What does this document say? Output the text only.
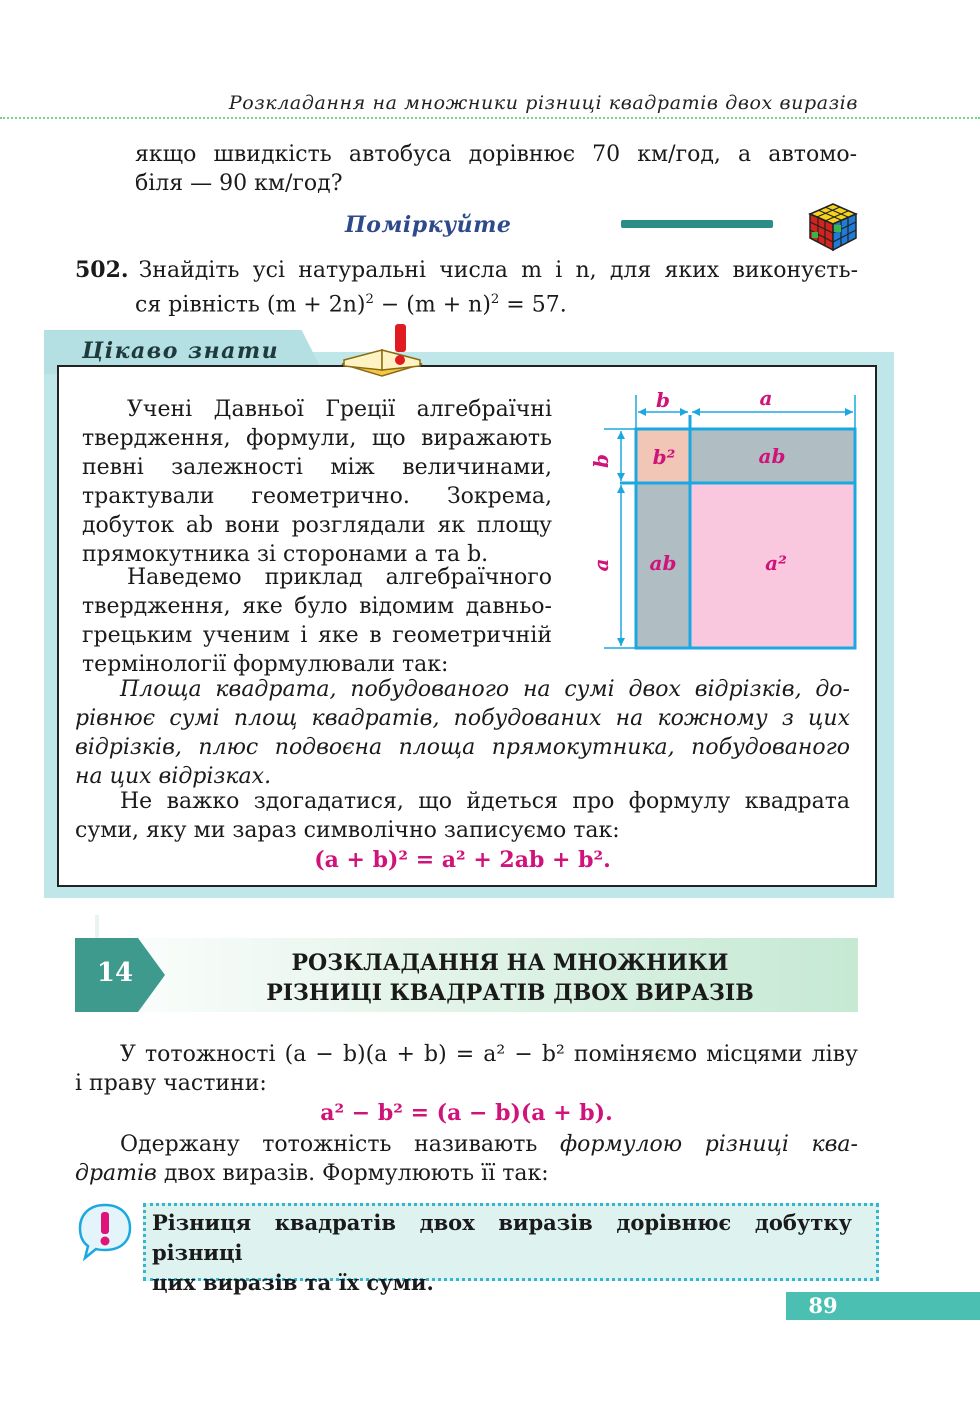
Розкладання на множники різниці квадратів двох виразів
якщо швидкість автобуса дорівнює 70 км/год, а автомо-
біля — 90 км/год?
Поміркуйте
502. Знайдіть усі натуральні числа m і n, для яких виконуєть-
ся рівність $(m + 2n)^2 - (m + n)^2 = 57$.
Цікаво знати
Учені Давньої Греції алгебраїчні
твердження, формули, що виражають
певні залежності між величинами,
трактували геометрично. Зокрема,
добуток ab вони розглядали як площу
прямокутника зі сторонами a та b.
Наведемо приклад алгебраїчного
твердження, яке було відомим давньо-
грецьким ученим і яке в геометричній
термінології формулювали так:
b	a
b
a
b²	ab
ab	a²
Площа квадрата, побудованого на сумі двох відрізків, до-
рівнює сумі площ квадратів, побудованих на кожному з цих
відрізків, плюс подвоєна площа прямокутника, побудованого
на цих відрізках.
Не важко здогадатися, що йдеться про формулу квадрата
суми, яку ми зараз символічно записуємо так:
(a + b)² = a² + 2ab + b².
14	РОЗКЛАДАННЯ НА МНОЖНИКИ
РІЗНИЦІ КВАДРАТІВ ДВОХ ВИРАЗІВ
У тотожності (a − b)(a + b) = a² − b² поміняємо місцями ліву
і праву частини:
a² − b² = (a − b)(a + b).
Одержану тотожність називають формулою різниці ква-
дратів двох виразів. Формулюють її так:
Різниця квадратів двох виразів дорівнює добутку різниці
цих виразів та їх суми.
89
